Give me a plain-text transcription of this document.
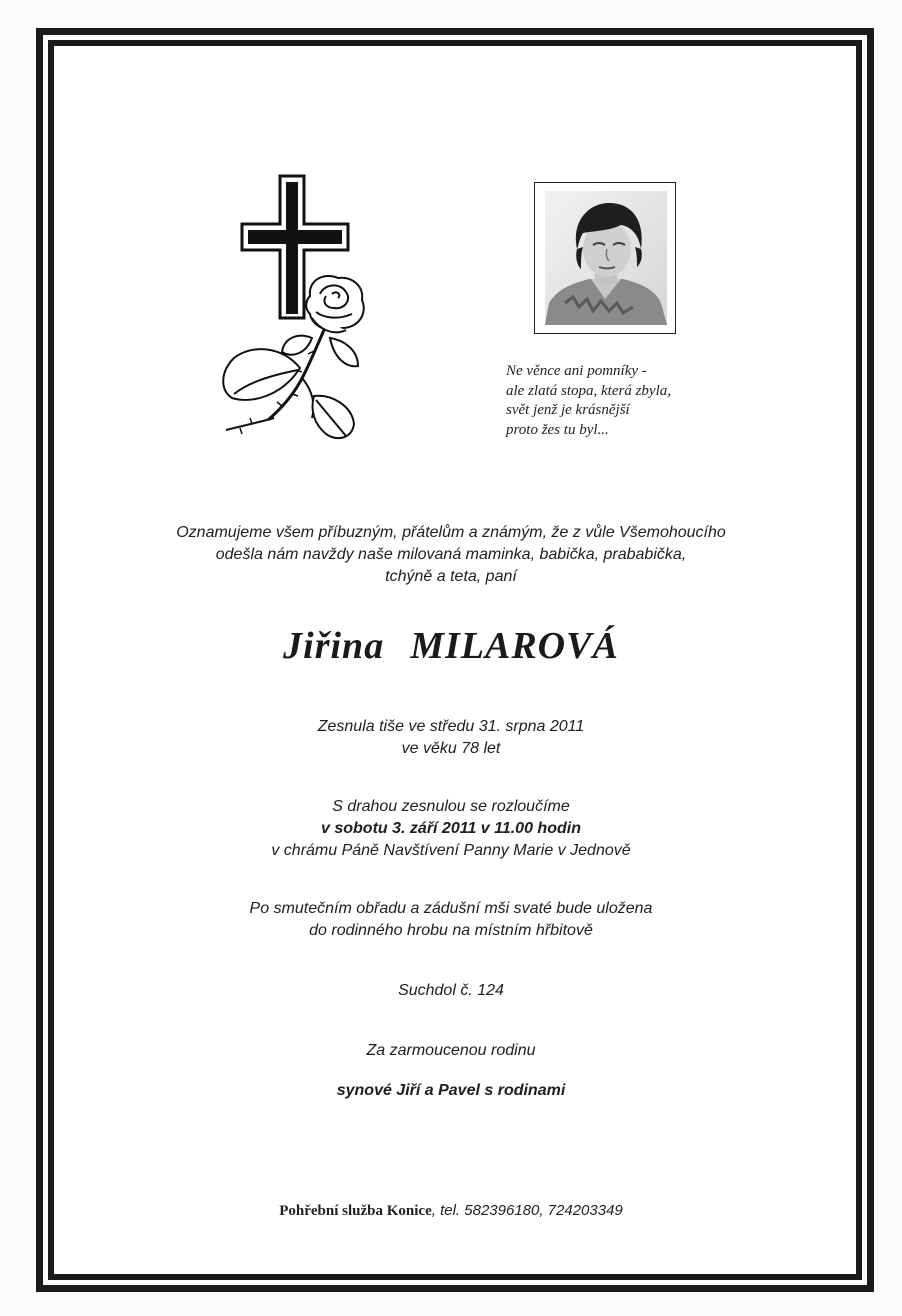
Ne věnce ani pomníky -
ale zlatá stopa, která zbyla,
svět jenž je krásnější
proto žes tu byl...
Oznamujeme všem příbuzným, přátelům a známým, že z vůle Všemohoucího
odešla nám navždy naše milovaná maminka, babička, prababička,
tchýně a teta, paní
Jiřina MILAROVÁ
Zesnula tiše ve středu 31. srpna 2011
ve věku 78 let
S drahou zesnulou se rozloučíme
v sobotu 3. září 2011 v 11.00 hodin
v chrámu Páně Navštívení Panny Marie v Jednově
Po smutečním obřadu a zádušní mši svaté bude uložena
do rodinného hrobu na místním hřbitově
Suchdol č. 124
Za zarmoucenou rodinu
synové Jiří a Pavel s rodinami
Pohřební služba Konice, tel. 582396180, 724203349
